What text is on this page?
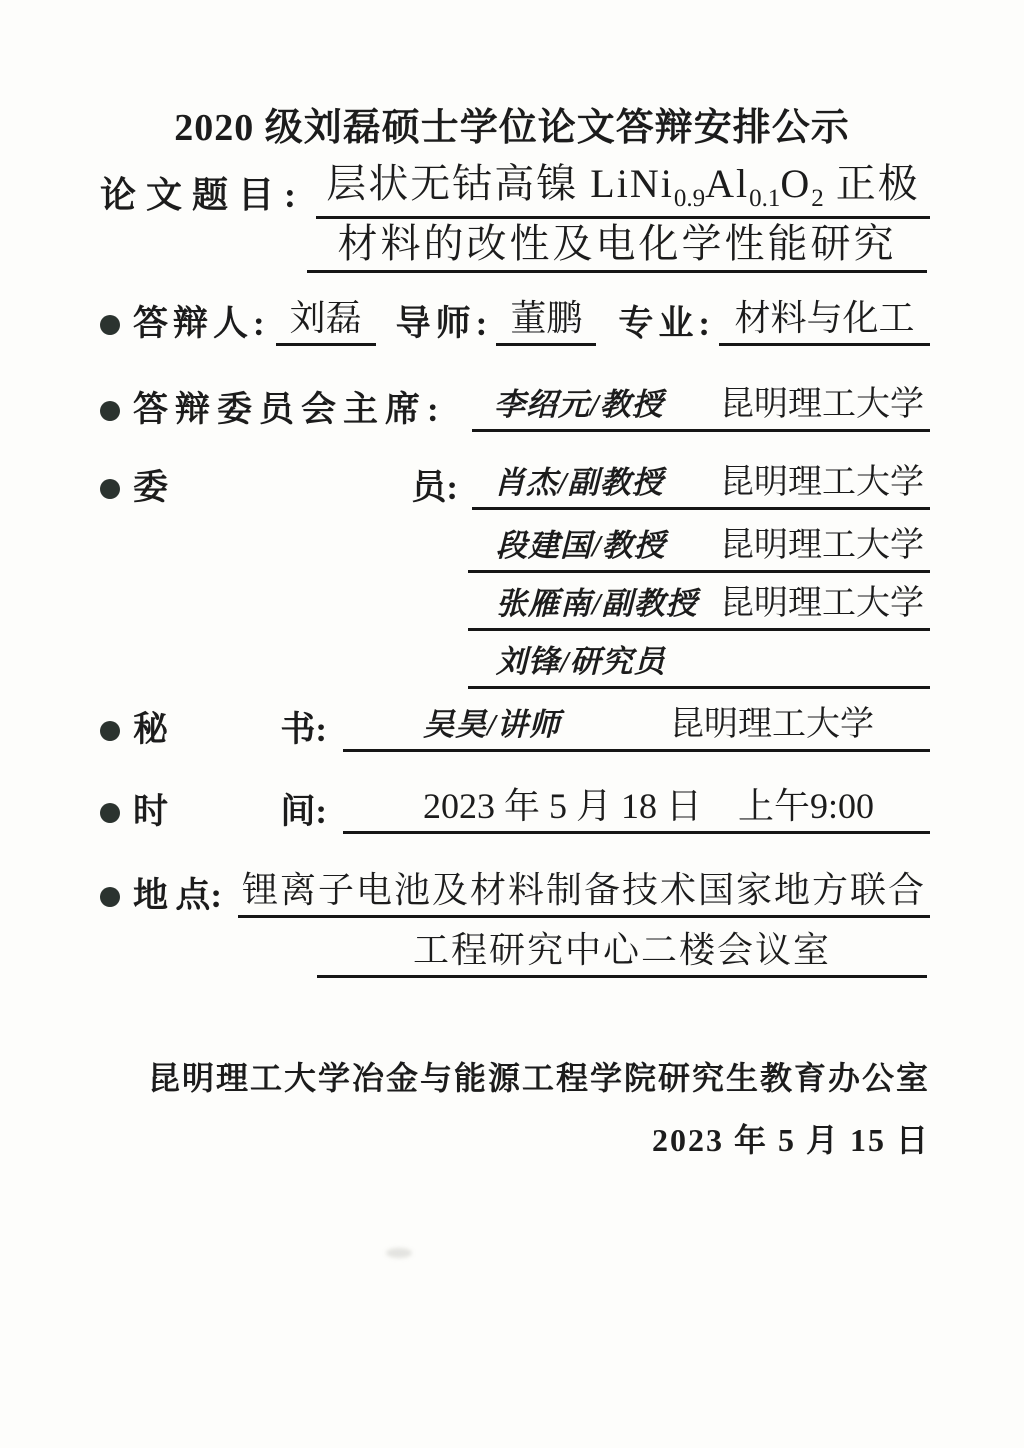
2020 级刘磊硕士学位论文答辩安排公示
论文题目: 层状无钴高镍 $LiNi_{0.9}Al_{0.1}O_2$ 正极
材料的改性及电化学性能研究
答辩人: 刘磊 导师: 董鹏	专业: 材料与化工
答辩委员会主席:	李绍元/教授 昆明理工大学
委	员: 肖杰/副教授 昆明理工大学
段建国/教授 昆明理工大学
张雁南/副教授 昆明理工大学
刘锋/研究员
秘	书:	吴昊/讲师	昆明理工大学
时	间:	2023 年 5 月 18 日 上午9:00
地 点: 锂离子电池及材料制备技术国家地方联合
工程研究中心二楼会议室
昆明理工大学冶金与能源工程学院研究生教育办公室
2023 年 5 月 15 日
